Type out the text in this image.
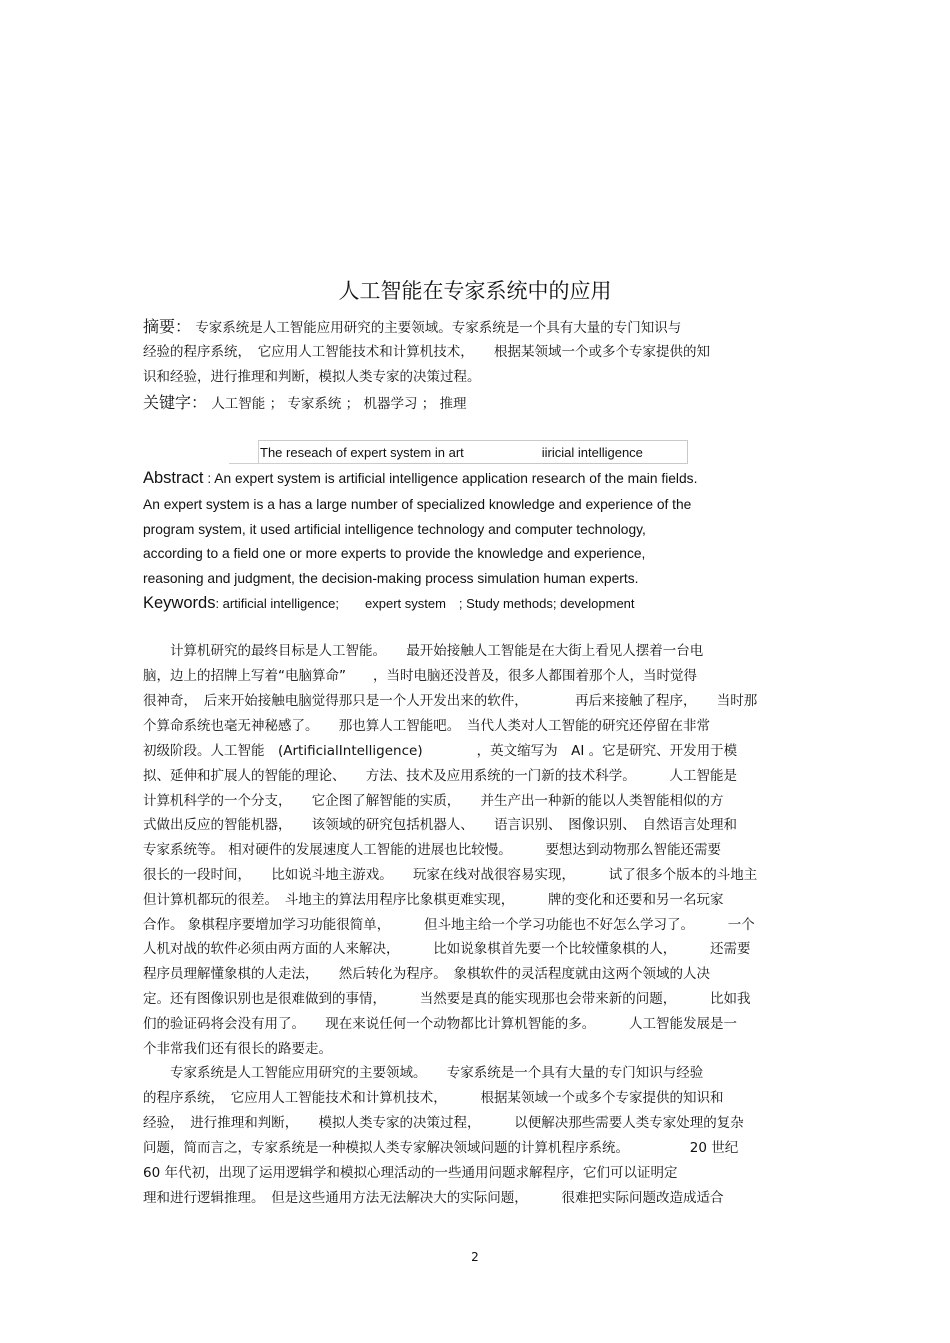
人工智能在专家系统中的应用
摘要： 专家系统是人工智能应用研究的主要领域。专家系统是一个具有大量的专门知识与
经验的程序系统，　它应用人工智能技术和计算机技术，　　根据某领域一个或多个专家提供的知
识和经验，进行推理和判断，模拟人类专家的决策过程。
关键字： 人工智能 ； 专家系统 ； 机器学习 ； 推理
The reseach of expert system in art　　　　　　iiricial intelligence
Abstract : An expert system is artificial intelligence application research of the main fields.
An expert system is a has a large number of specialized knowledge and experience of the
program system, it used artificial intelligence technology and computer technology,
according to a field one or more experts to provide the knowledge and experience,
reasoning and judgment, the decision-making process simulation human experts.
Keywords: artificial intelligence;　　expert system　; Study methods; development
　　计算机研究的最终目标是人工智能。　　最开始接触人工智能是在大街上看见人摆着一台电
脑，边上的招牌上写着“电脑算命”　　，当时电脑还没普及，很多人都围着那个人，当时觉得
很神奇，　后来开始接触电脑觉得那只是一个人开发出来的软件，　　　　再后来接触了程序，　　当时那
个算命系统也毫无神秘感了。　　那也算人工智能吧。　当代人类对人工智能的研究还停留在非常
初级阶段。人工智能　(ArtificialIntelligence)　　　　，英文缩写为　AI 。它是研究、开发用于模
拟、延伸和扩展人的智能的理论、　　方法、技术及应用系统的一门新的技术科学。　　　人工智能是
计算机科学的一个分支，　　它企图了解智能的实质，　　并生产出一种新的能以人类智能相似的方
式做出反应的智能机器，　　该领域的研究包括机器人、　　语言识别、　图像识别、　自然语言处理和
专家系统等。 相对硬件的发展速度人工智能的进展也比较慢。　　　要想达到动物那么智能还需要
很长的一段时间，　　比如说斗地主游戏。　　玩家在线对战很容易实现，　　　试了很多个版本的斗地主
但计算机都玩的很差。　斗地主的算法用程序比象棋更难实现，　　　牌的变化和还要和另一名玩家
合作。 象棋程序要增加学习功能很简单，　　　但斗地主给一个学习功能也不好怎么学习了。　　　一个
人机对战的软件必须由两方面的人来解决，　　　比如说象棋首先要一个比较懂象棋的人，　　　还需要
程序员理解懂象棋的人走法，　　然后转化为程序。　象棋软件的灵活程度就由这两个领域的人决
定。还有图像识别也是很难做到的事情，　　　当然要是真的能实现那也会带来新的问题，　　　比如我
们的验证码将会没有用了。　　现在来说任何一个动物都比计算机智能的多。　　　人工智能发展是一
个非常我们还有很长的路要走。
　　专家系统是人工智能应用研究的主要领域。　　专家系统是一个具有大量的专门知识与经验
的程序系统，　它应用人工智能技术和计算机技术，　　　根据某领域一个或多个专家提供的知识和
经验，　进行推理和判断，　　模拟人类专家的决策过程，　　　以便解决那些需要人类专家处理的复杂
问题，简而言之，专家系统是一种模拟人类专家解决领域问题的计算机程序系统。　　　　　20 世纪
60 年代初，出现了运用逻辑学和模拟心理活动的一些通用问题求解程序，它们可以证明定
理和进行逻辑推理。　但是这些通用方法无法解决大的实际问题，　　　很难把实际问题改造成适合
2
